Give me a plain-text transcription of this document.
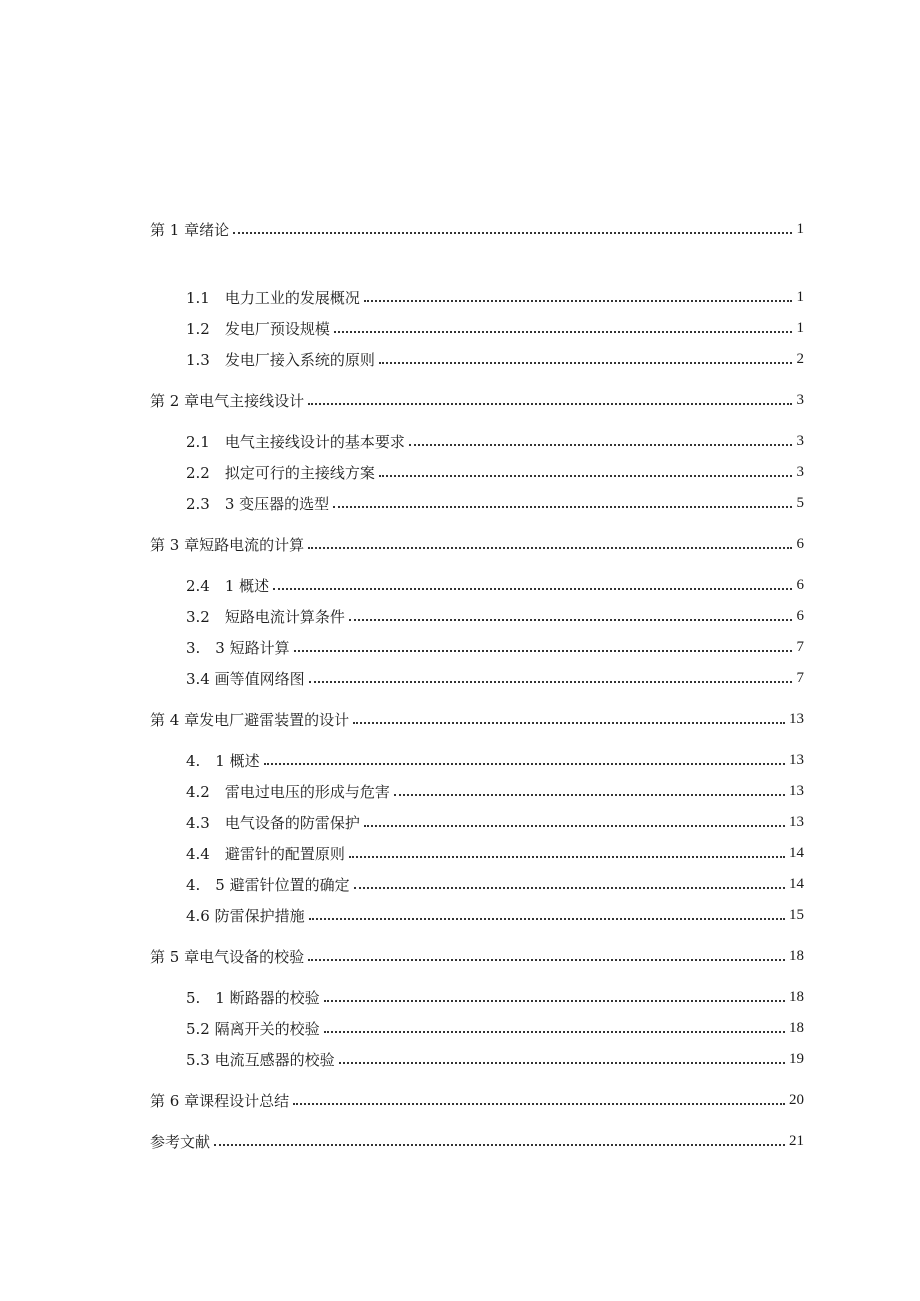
第 1 章绪论	1
1.1　电力工业的发展概况	1
1.2　发电厂预设规模	1
1.3　发电厂接入系统的原则	2
第 2 章电气主接线设计	3
2.1　电气主接线设计的基本要求	3
2.2　拟定可行的主接线方案	3
2.3　3 变压器的选型	5
第 3 章短路电流的计算	6
2.4　1 概述	6
3.2　短路电流计算条件	6
3.　3 短路计算	7
3.4 画等值网络图	7
第 4 章发电厂避雷装置的设计	13
4.　1 概述	13
4.2　雷电过电压的形成与危害	13
4.3　电气设备的防雷保护	13
4.4　避雷针的配置原则	14
4.　5 避雷针位置的确定	14
4.6 防雷保护措施	15
第 5 章电气设备的校验	18
5.　1 断路器的校验	18
5.2 隔离开关的校验	18
5.3 电流互感器的校验	19
第 6 章课程设计总结	20
参考文献	21
